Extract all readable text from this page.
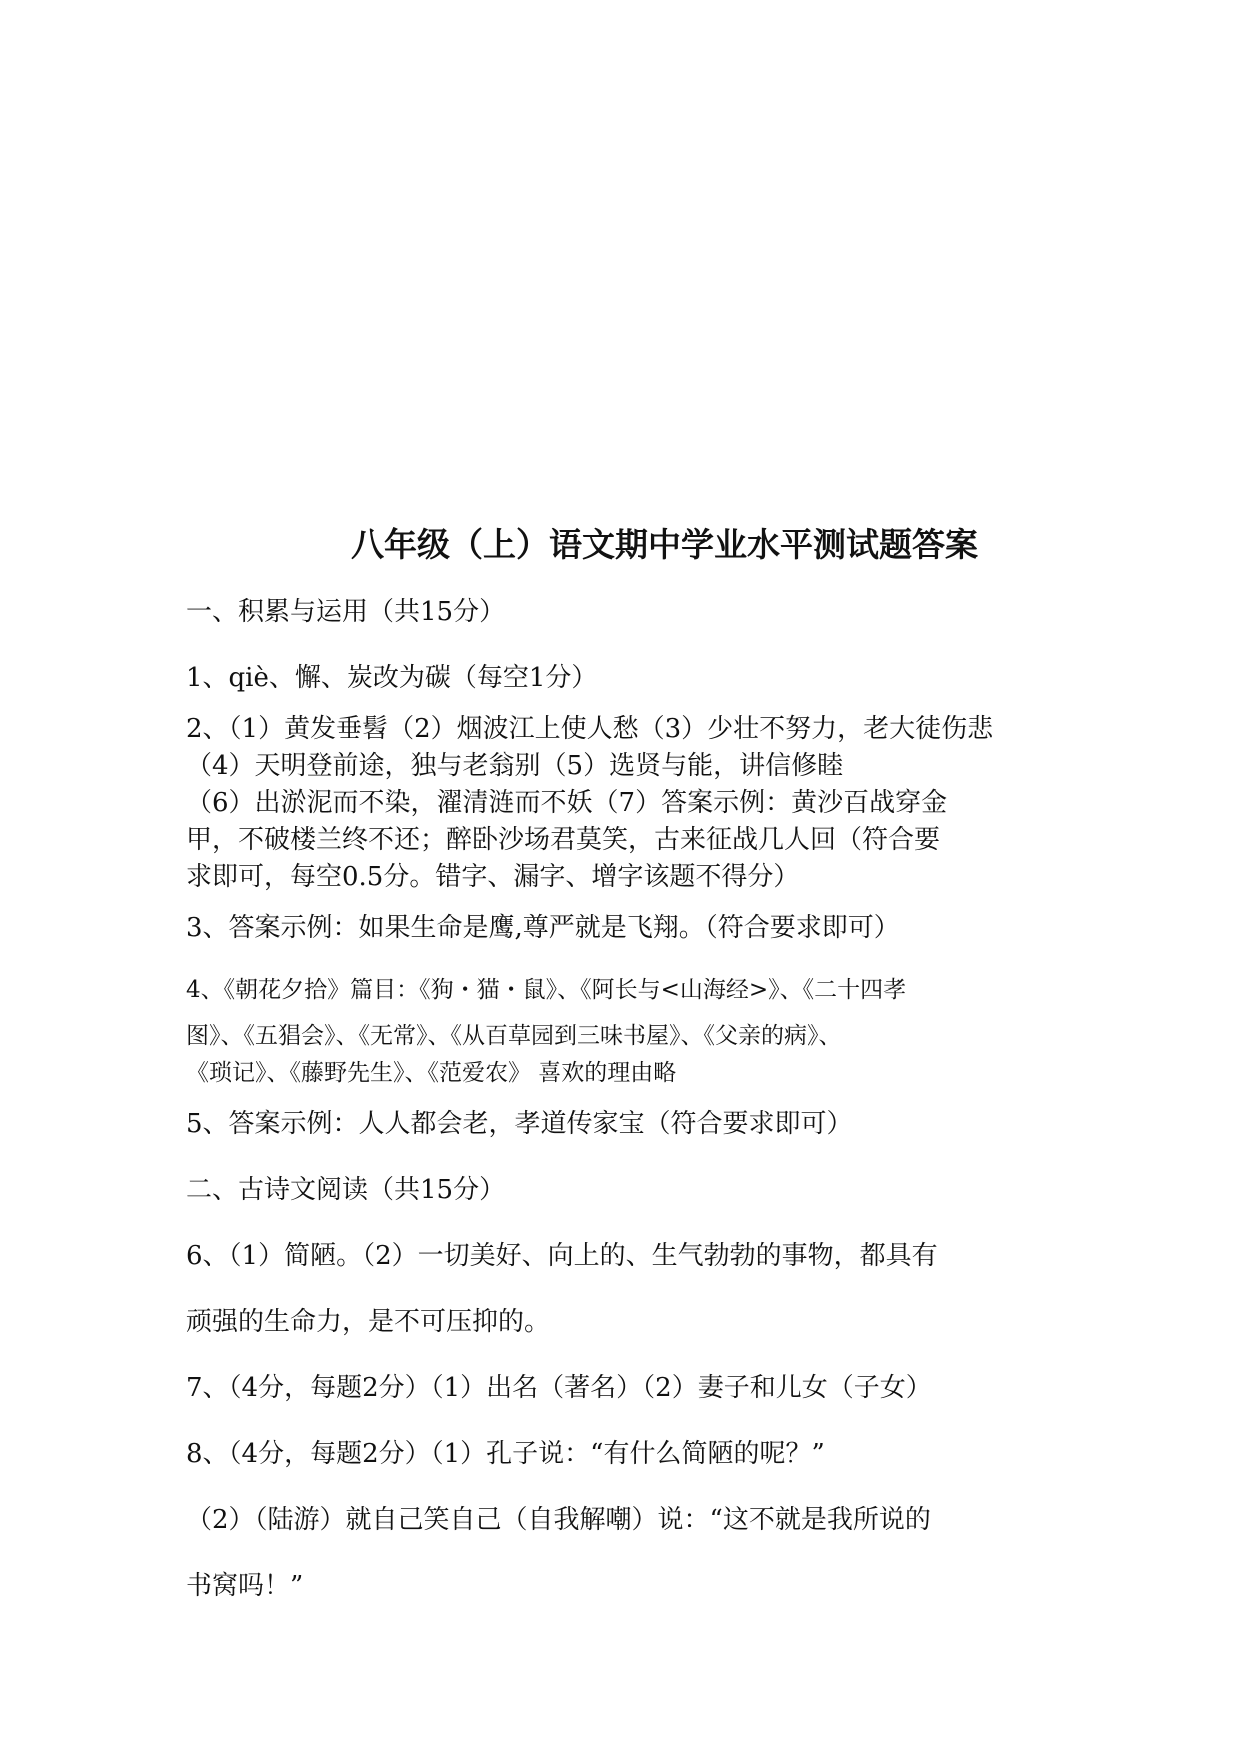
八年级（上）语文期中学业水平测试题答案
一、积累与运用（共15分）
1、qiè、懈、炭改为碳（每空1分）
2、（1）黄发垂髫（2）烟波江上使人愁（3）少壮不努力，老大徒伤悲
（4）天明登前途，独与老翁别（5）选贤与能，讲信修睦
（6）出淤泥而不染，濯清涟而不妖（7）答案示例：黄沙百战穿金
甲，不破楼兰终不还；醉卧沙场君莫笑，古来征战几人回（符合要
求即可，每空0.5分。错字、漏字、增字该题不得分）
3、答案示例：如果生命是鹰,尊严就是飞翔。（符合要求即可）
4、《朝花夕拾》篇目：《狗・猫・鼠》、《阿长与<山海经>》、《二十四孝
图》、《五猖会》、《无常》、《从百草园到三味书屋》、《父亲的病》、
《琐记》、《藤野先生》、《范爱农》 喜欢的理由略
5、答案示例：人人都会老，孝道传家宝（符合要求即可）
二、古诗文阅读（共15分）
6、（1）简陋。（2）一切美好、向上的、生气勃勃的事物，都具有
顽强的生命力，是不可压抑的。
7、（4分，每题2分）（1）出名（著名）（2）妻子和儿女（子女）
8、（4分，每题2分）（1）孔子说：“有什么简陋的呢？”
（2）（陆游）就自己笑自己（自我解嘲）说：“这不就是我所说的
书窝吗！”
